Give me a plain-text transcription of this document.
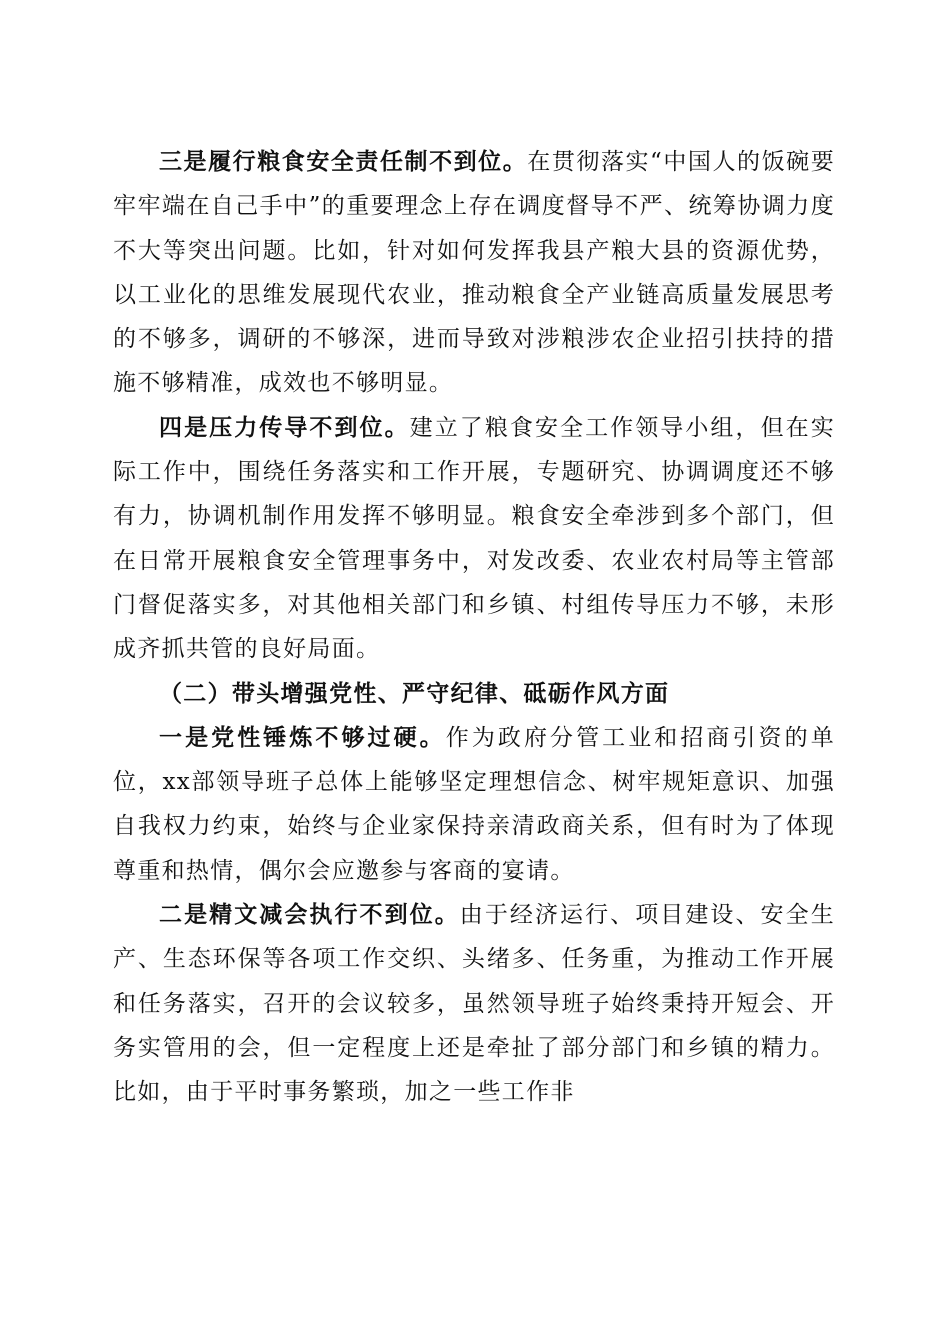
三是履行粮食安全责任制不到位。在贯彻落实“中国人的饭碗要牢牢端在自己手中”的重要理念上存在调度督导不严、统筹协调力度不大等突出问题。比如，针对如何发挥我县产粮大县的资源优势，以工业化的思维发展现代农业，推动粮食全产业链高质量发展思考的不够多，调研的不够深，进而导致对涉粮涉农企业招引扶持的措施不够精准，成效也不够明显。

四是压力传导不到位。建立了粮食安全工作领导小组，但在实际工作中，围绕任务落实和工作开展，专题研究、协调调度还不够有力，协调机制作用发挥不够明显。粮食安全牵涉到多个部门，但在日常开展粮食安全管理事务中，对发改委、农业农村局等主管部门督促落实多，对其他相关部门和乡镇、村组传导压力不够，未形成齐抓共管的良好局面。

（二）带头增强党性、严守纪律、砥砺作风方面

一是党性锤炼不够过硬。作为政府分管工业和招商引资的单位，xx部领导班子总体上能够坚定理想信念、树牢规矩意识、加强自我权力约束，始终与企业家保持亲清政商关系，但有时为了体现尊重和热情，偶尔会应邀参与客商的宴请。

二是精文减会执行不到位。由于经济运行、项目建设、安全生产、生态环保等各项工作交织、头绪多、任务重，为推动工作开展和任务落实，召开的会议较多，虽然领导班子始终秉持开短会、开务实管用的会，但一定程度上还是牵扯了部分部门和乡镇的精力。比如，由于平时事务繁琐，加之一些工作非
